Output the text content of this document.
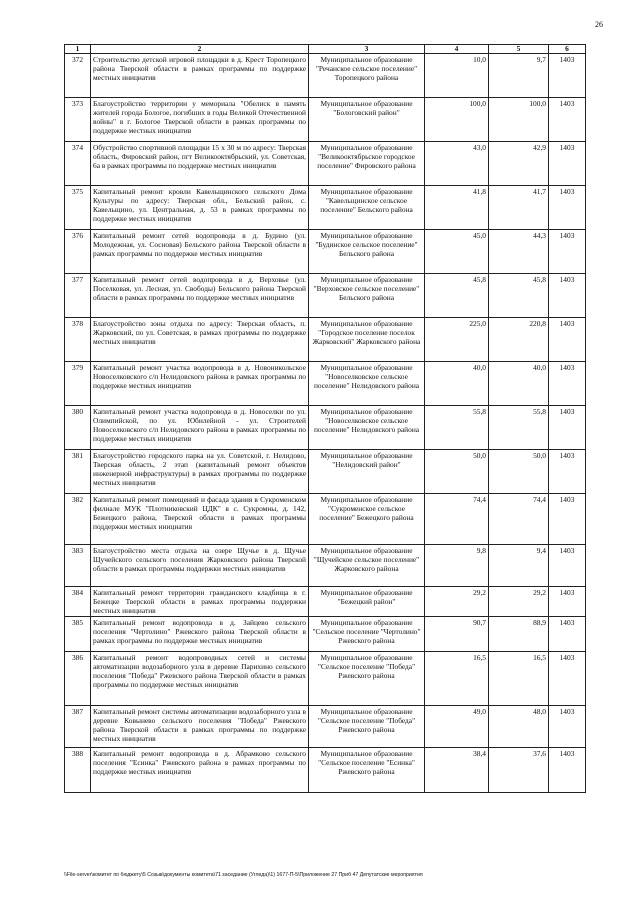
26
1	2	3	4	5	6
372	Строительство детской игровой площадки в д. Крест Торопецкого района Тверской области в рамках программы по поддержке местных инициатив	Муниципальное образование "Речанское сельское поселение" Торопецкого района	10,0	9,7	1403
373	Благоустройство территории у мемориала "Обелиск в память жителей города Бологое, погибших в годы Великой Отечественной войны" в г. Бологое Тверской области в рамках программы по поддержке местных инициатив	Муниципальное образование "Бологовский район"	100,0	100,0	1403
374	Обустройство спортивной площадки 15 х 30 м по адресу: Тверская область, Фировский район, пгт Великооктябрьский, ул. Советская, 6а в рамках программы по поддержке местных инициатив	Муниципальное образование "Великооктябрьское городское поселение" Фировского района	43,0	42,9	1403
375	Капитальный ремонт кровли Кавельщинского сельского Дома Культуры по адресу: Тверская обл., Бельский район, с. Кавельщино, ул. Центральная, д. 53 в рамках программы по поддержке местных инициатив	Муниципальное образование "Кавельщинское сельское поселение" Бельского района	41,8	41,7	1403
376	Капитальный ремонт сетей водопровода в д. Будино (ул. Молодежная, ул. Сосновая) Бельского района Тверской области в рамках программы по поддержке местных инициатив	Муниципальное образование "Будинское сельское поселение" Бельского района	45,0	44,3	1403
377	Капитальный ремонт сетей водопровода в д. Верховье (ул. Поселковая, ул. Лесная, ул. Свободы) Бельского района Тверской области в рамках программы по поддержке местных инициатив	Муниципальное образование "Верховское сельское поселение" Бельского района	45,8	45,8	1403
378	Благоустройство зоны отдыха по адресу: Тверская область, п. Жарковский, по ул. Советская, в рамках программы по поддержке местных инициатив	Муниципальное образование "Городское поселение поселок Жарковский" Жарковского района	225,0	220,8	1403
379	Капитальный ремонт участка водопровода в д. Новоникольское Новоселковского с/п Нелидовского района в рамках программы по поддержке местных инициатив	Муниципальное образование "Новоселковское сельское поселение" Нелидовского района	40,0	40,0	1403
380	Капитальный ремонт участка водопровода в д. Новоселки по ул. Олимпийской, по ул. Юбилейной - ул. Строителей Новоселковского с/п Нелидовского района в рамках программы по поддержке местных инициатив	Муниципальное образование "Новоселковское сельское поселение" Нелидовского района	55,8	55,8	1403
381	Благоустройство городского парка на ул. Советской, г. Нелидово, Тверская область, 2 этап (капитальный ремонт объектов инженерной инфраструктуры) в рамках программы по поддержке местных инициатив	Муниципальное образование "Нелидовский район"	50,0	50,0	1403
382	Капитальный ремонт помещений и фасада здания в Сукроменском филиале МУК "Плотниковский ЦДК" в с. Сукромны, д. 142, Бежецкого района, Тверской области в рамках программы поддержки местных инициатив	Муниципальное образование "Сукроменское сельское поселение" Бежецкого района	74,4	74,4	1403
383	Благоустройство места отдыха на озере Щучье в д. Щучье Щучейского сельского поселения Жарковского района Тверской области в рамках программы поддержки местных инициатив	Муниципальное образование "Щучейское сельское поселение" Жарковского района	9,8	9,4	1403
384	Капитальный ремонт территории гражданского кладбища в г. Бежецке Тверской области в рамках программы поддержки местных инициатив	Муниципальное образование "Бежецкий район"	29,2	29,2	1403
385	Капитальный ремонт водопровода в д. Зайцево сельского поселения "Чертолино" Ржевского района Тверской области в рамках программы по поддержке местных инициатив	Муниципальное образование "Сельское поселение "Чертолино" Ржевского района	90,7	88,9	1403
386	Капитальный ремонт водопроводных сетей и системы автоматизации водозаборного узла в деревне Парихино сельского поселения "Победа" Ржевского района Тверской области в рамках программы по поддержке местных инициатив	Муниципальное образование "Сельское поселение "Победа" Ржевского района	16,5	16,5	1403
387	Капитальный ремонт системы автоматизации водозаборного узла в деревне Ковынево сельского поселения "Победа" Ржевского района Тверской области в рамках программы по поддержке местных инициатив	Муниципальное образование "Сельское поселение "Победа" Ржевского района	49,0	48,0	1403
388	Капитальный ремонт водопровода в д. Абрамково сельского поселения "Есинка" Ржевского района в рамках программы по поддержке местных инициатив	Муниципальное образование "Сельское поселение "Есинка" Ржевского района	38,4	37,6	1403
\\File-server\комитет по бюджету\5 Созыв\документы комитета\71 заседание (Угледа)\1) 1677-П-5\Приложение 27 Приб 47 Депутатские мероприятия
